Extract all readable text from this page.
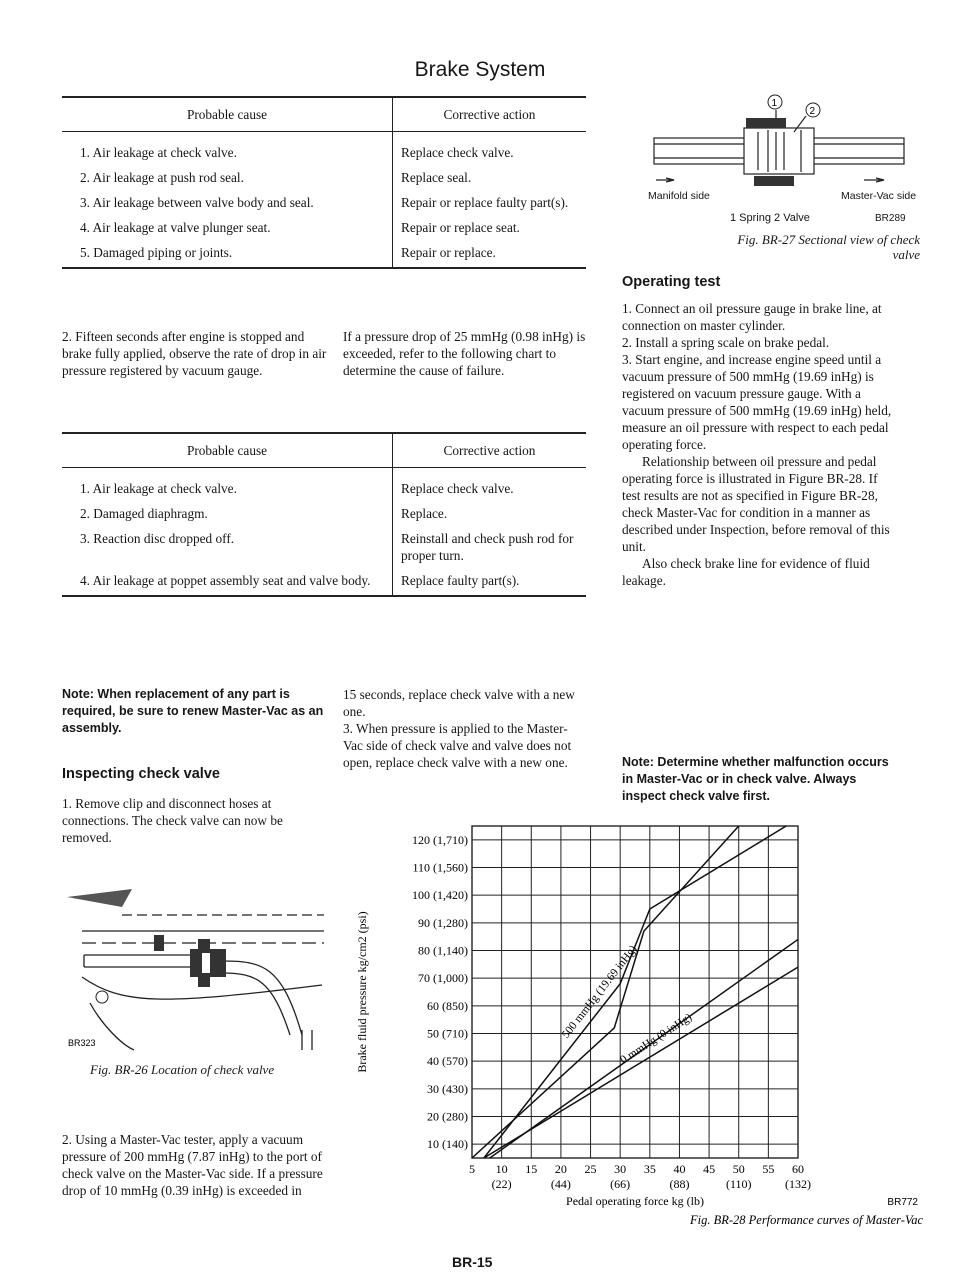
Brake System
Probable cause	Corrective action
1. Air leakage at check valve.	Replace check valve.
2. Air leakage at push rod seal.	Replace seal.
3. Air leakage between valve body and seal.	Repair or replace faulty part(s).
4. Air leakage at valve plunger seat.	Repair or replace seat.
5. Damaged piping or joints.	Repair or replace.
2. Fifteen seconds after engine is stopped and brake fully applied, observe the rate of drop in air pressure registered by vacuum gauge.
If a pressure drop of 25 mmHg (0.98 inHg) is exceeded, refer to the following chart to determine the cause of failure.
Probable cause	Corrective action
1. Air leakage at check valve.	Replace check valve.
2. Damaged diaphragm.	Replace.
3. Reaction disc dropped off.	Reinstall and check push rod for proper turn.
4. Air leakage at poppet assembly seat and valve body.	Replace faulty part(s).
Note: When replacement of any part is required, be sure to renew Master-Vac as an assembly.
Inspecting check valve
1. Remove clip and disconnect hoses at connections. The check valve can now be removed.
BR323
Fig. BR-26 Location of check valve
2. Using a Master-Vac tester, apply a vacuum pressure of 200 mmHg (7.87 inHg) to the port of check valve on the Master-Vac side. If a pressure drop of 10 mmHg (0.39 inHg) is exceeded in
15 seconds, replace check valve with a new one.
3. When pressure is applied to the Master-Vac side of check valve and valve does not open, replace check valve with a new one.
1
2
Manifold side	Master-Vac side
1 Spring 2 Valve	BR289
Fig. BR-27 Sectional view of check valve
Operating test

1. Connect an oil pressure gauge in brake line, at connection on master cylinder.

2. Install a spring scale on brake pedal.

3. Start engine, and increase engine speed until a vacuum pressure of 500 mmHg (19.69 inHg) is registered on vacuum pressure gauge. With a vacuum pressure of 500 mmHg (19.69 inHg) held, measure an oil pressure with respect to each pedal operating force.

Relationship between oil pressure and pedal operating force is illustrated in Figure BR-28. If test results are not as specified in Figure BR-28, check Master-Vac for condition in a manner as described under Inspection, before removal of this unit.

Also check brake line for evidence of fluid leakage.

Note: Determine whether malfunction occurs in Master-Vac or in check valve. Always inspect check valve first.
10 (140)
20 (280)
30 (430)
40 (570)
50 (710)
60 (850)
70 (1,000)
80 (1,140)
90 (1,280)
100 (1,420)
110 (1,560)
120 (1,710)
5 10 15 20 25 30 35 40 45 50 55 60
(22)	(44)	(66)	(88)	(110)	(132)
Pedal operating force kg (lb)
Brake fluid pressure kg/cm2 (psi)	500 mmHg (19.69 inHg)
0 mmHg (0 inHg)
BR772
Fig. BR-28 Performance curves of Master-Vac
BR-15
